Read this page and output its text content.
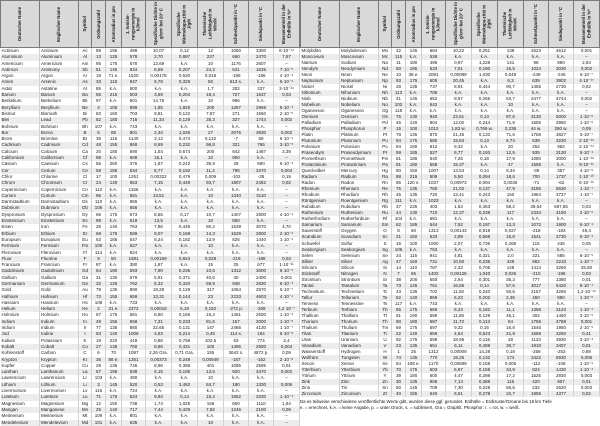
Deutscher Name	Englischer Name	Symbol	Ordnungszahl	Atomradius in pm	1. Ionisie-rungsenergie in kJ/mol	Spezifische Dichte in g/cm³ bei 20° C	Spezifische Wärmekapa-zität in J/g/K	Thermische Leitfähigkeit in W/m/K	Schmelzpunkt in °C	Siedepunkt in °C	Massenanteil in der Erdhülle in %*

Actinium	Actinium	Ac	89	195	499	10,07	0,12	12	1050	3300	6·10⁻¹⁴
Aluminium	Aluminium	Al	13	125	578	2,70	0,897	237	660	2470	7,57
Americium	Americium	Am	95	175	578	13,69	k.A.	10	1176	2607	–
Antimon	Antimony	Sb	51	145	834	6,69	0,207	24,3	631	1635	7·10⁻⁵
Argon	Argon	Ar	18	71 e.	1520	0,00178	0,520	0,018	-189	-186	4·10⁻⁴
Arsen	Arsenic	As	33	115	947	5,78	0,329	50	613 s.	k.A.	6·10⁻⁴
Astat	Astatine	At	85	k.A.	900	k.A.	k.A.	1,7	302	337	3·10⁻²⁴
Barium	Barium	Ba	56	215	503	3,59	0,204	18,4	727	1637	0,03
Berkelium	Berkelium	Bk	97	k.A.	601	14,78	k.A.	10	986	k.A.	–
Beryllium	Beryllium	Be	4	105	899	1,85	1,825	200	1287	2969	5·10⁻⁴
Bismut	Bismuth	Bi	83	160	703	9,81	0,122	7,87	271	1560	2·10⁻⁵
Blei	Lead	Pb	82	180	716	11,34	0,129	35,3	327	1744	0,002
Bohrium	Bohrium	Bh	107	k.A.	743	k.A.	k.A.	k.A.	k.A.	k.A.	–
Bor	Boron	B	5	85	801	2,34	1,026	27	2076	3930	0,002
Brom	Bromine	Br	35	115	1140	3,12	0,474	0,122	-7	59	6·10⁻⁴
Cadmium	Cadmium	Cd	48	155	868	8,69	0,232	96,8	321	765	3·10⁻⁵
Calcium	Calcium	Ca	20	180	590	1,54	0,674	200	842	1487	3,39
Californium	Californium	Cf	98	k.A.	608	15,1	k.A.	10	900	k.A.	–
Cäsium	Caesium	Cs	55	260	376	1,87	0,242	35,9	28	690	6·10⁻⁴
Cer	Cerium	Ce	58	185	534	6,77	0,192	11,4	795	3470	0,004
Chlor	Chlorine	Cl	17	100	1251	0,00322	0,479	0,009	-102	-35	0,19
Chrom	Chromium	Cr	24	140	653	7,15	0,449	93,7	1907	2482	0,02
Copernicium	Copernicium	Cn	112	k.A.	1155	k.A.	k.A.	k.A.	k.A.	k.A.	–
Curium	Curium	Cm	96	k.A.	581	13,51	k.A.	10	1340	3110	–
Darmstadtium	Darmstadtium	Ds	110	k.A.	955	k.A.	k.A.	k.A.	k.A.	k.A.	–
Dubnium	Dubnium	Db	105	k.A.	656	k.A.	k.A.	k.A.	k.A.	k.A.	–
Dysprosium	Dysprosium	Dy	66	175	573	8,55	0,17	10,7	1407	2600	4·10⁻⁴
Einsteinium	Einsteinium	Es	99	k.A.	619	13,5	k.A.	10	860	k.A.	–
Eisen	Iron	Fe	26	140	763	7,86	0,449	80,2	1539	3070	4,70
Erbium	Erbium	Er	68	175	589	9,07	0,168	14,3	1529	2900	2·10⁻⁴
Europium	Europium	Eu	63	185	547	5,24	0,182	13,9	826	1440	1·10⁻⁴
Fermium	Fermium	Fm	100	k.A.	627	k.A.	k.A.	10	k.A.	k.A.	–
Flerovium	Flerovium	Fl	114	k.A.	824	k.A.	k.A.	k.A.	k.A.	k.A.	–
Fluor	Fluorine	F	9	50	1681	0,00169	0,824	0,028	-219	-188	0,03
Francium	Francium	Fr	87	k.A.	380	1,87	k.A.	15	25	677	1·10⁻²¹
Gadolinium	Gadolinium	Gd	64	180	593	7,90	0,236	10,6	1312	3000	6·10⁻⁴
Gallium	Gallium	Ga	31	130	579	5,91	0,371	40,6	30	2400	0,001
Germanium	Germanium	Ge	32	125	762	5,32	0,320	59,9	938	2830	6·10⁻⁴
Gold	Gold	Au	79	135	890	19,28	0,129	317	1064	2970	5·10⁻⁷
Hafnium	Hafnium	Hf	72	155	659	13,31	0,144	23	2233	4603	4·10⁻⁴
Hassium	Hassium	Hs	108	k.A.	733	k.A.	k.A.	k.A.	k.A.	k.A.	–
Helium	Helium	He	2	31 e.	2372	0,00018	5,19	0,152	-272 p.	-269	4,2·10⁻⁷
Holmium	Holmium	Ho	67	175	581	8,80	0,165	16,2	1461	2600	1·10⁻⁴
Indium	Indium	In	49	155	558	7,31	0,233	81,6	157	2000	1·10⁻⁵
Iridium	Iridium	Ir	77	135	880	22,65	0,131	147	2466	4130	1·10⁻⁷
Jod	Iodine	I	53	140	1008	4,93	0,214	0,45	114 s.	184	6·10⁻⁵
Kalium	Potassium	K	19	220	419	0,86	0,758	102,5	63	774	2,4
Kobalt	Cobalt	Co	27	135	760	8,86	0,421	100	1495	2900	0,004
Kohlenstoff	Carbon	C	6	70	1087	2,26 Gra.	0,71 Gra.	155	3642 s.	4872 p.	0,09
Krypton	Krypton	Kr	36	88 e.	1351	0,00373	0,248	0,00949	-157	-152	2·10⁻⁸
Kupfer	Copper	Cu	29	135	746	8,96	0,385	401	1085	2595	0,01
Lanthan	Lanthanum	La	57	195	538	6,15	0,195	13,5	920	3470	0,002
Lawrencium	Lawrencium	Lr	103	k.A.	480	k.A.	k.A.	10	k.A.	k.A.	–
Lithium	Lithium	Li	3	145	520	0,53	3,482	84,7	180	1330	0,006
Livermorium	Livermorium	Lv	116	k.A.	724	k.A.	k.A.	k.A.	k.A.	k.A.	–
Lutetium	Lutetium	Lu	71	175	524	9,84	0,14	16,4	1652	3330	1·10⁻⁴
Magnesium	Magnesium	Mg	12	150	738	1,74	1,025	156	650	1110	1,94
Mangan	Manganese	Mn	25	140	717	7,44	0,429	7,82	1246	2100	0,09
Meitnerium	Meitnerium	Mt	109	k.A.	801	k.A.	k.A.	k.A.	k.A.	k.A.	–
Mendelevium	Mendelevium	Md	101	k.A.	635	k.A.	k.A.	10	k.A.	k.A.	–
Deutscher Name	Englischer Name	Symbol	Ordnungszahl	Atomradius in pm	1. Ionisie-rungsenergie in kJ/mol	Spezifische Dichte in g/cm³ bei 20° C	Spezifische Wärmekapa-zität in J/g/K	Thermische Leitfähigkeit in W/m/K	Schmelzpunkt in °C	Siedepunkt in °C	Massenanteil in der Erdhülle in %*

Molybdän	Molybdenum	Mo	42	145	684	10,22	0,251	138	2623	4612	0,001
Moscovium	Moscovium	Mc	115	k.A.	538	k.A.	k.A.	k.A.	k.A.	k.A.	–
Natrium	Sodium	Na	11	180	496	0,97	1,228	141	98	890	2,64
Neodym	Neodymium	Nd	60	185	533	7,01	0,190	16,5	1024	3030	0,002
Neon	Neon	Ne	10	38 e.	2081	0,00089	1,030	0,049	-249	-246	5·10⁻⁷
Neptunium	Neptunium	Np	93	175	605	20,45	k.A.	6,3	639	3902	4·10⁻¹⁷
Nickel	Nickel	Ni	28	135	737	8,91	0,444	90,7	1455	2730	0,02
Nihonium	Nihonium	Nh	113	k.A.	705	k.A.	k.A.	k.A.	k.A.	k.A.	–
Niob	Niobium	Nb	41	145	652	8,57	0,265	53,7	2477	4744	0,002
Nobelium	Nobelium	No	102	k.A.	642	k.A.	k.A.	10	k.A.	k.A.	–
Oganesson	Oganesson	Og	118	k.A.	k.A.	k.A.	k.A.	k.A.	k.A.	k.A.	–
Osmium	Osmium	Os	76	130	840	22,61	0,13	87,6	3130	5000	1·10⁻⁶
Palladium	Palladium	Pd	46	140	804	12,02	0,244	71,8	1555	2960	1·10⁻⁶
Phosphor	Phosphorus	P	15	100	1012	1,83 w.	0,769 w.	0,236	44 w.	280 w.	0,09
Platin	Platinum	Pt	78	135	870	21,46	0,133	71,6	1768	3827	5·10⁻⁷
Plutonium	Plutonium	Pu	94	175	585	19,84	0,13	6,74	639	3230	2·10⁻¹⁹
Polonium	Polonium	Po	84	190	812	9,32	k.A.	20	254	962	2·10⁻¹⁴
Praseodym	Praseodymium	Pr	59	185	527	6,77	0,193	12,5	935	3130	5·10⁻⁴
Promethium	Promethium	Pm	61	185	540	7,26	0,18	17,9	1080	3000	1·10⁻¹⁸
Protactinium	Protactinium	Pa	91	180	568	15,37	k.A.	47	1568	k.A.	9·10⁻¹¹
Quecksilber	Mercury	Hg	80	150	1007	13,53	0,14	8,34	-39	357	4·10⁻⁵
Radium	Radium	Ra	88	215	509	5,50	0,094	18,6	700	1737	1·10⁻¹⁰
Radon	Radon	Rn	86	120 e.	1037	0,00973	0,094	0,0036	-71	-62	6·10⁻¹⁶
Rhenium	Rhenium	Re	75	135	760	21,02	0,137	47,9	3186	5630	1·10⁻⁷
Rhodium	Rhodium	Rh	45	135	720	12,41	0,243	150	1964	3727	1·10⁻⁷
Röntgenium	Roentgenium	Rg	111	k.A.	1023	k.A.	k.A.	k.A.	k.A.	k.A.	–
Rubidium	Rubidium	Rb	37	235	403	1,53	0,363	58,2	39,64	687,85	0,03
Ruthenium	Ruthenium	Ru	44	130	710	12,37	0,238	117	2334	4150	2·10⁻⁶
Rutherfordium	Rutherfordium	Rf	104	k.A.	581	k.A.	k.A.	k.A.	k.A.	k.A.	–
Samarium	Samarium	Sm	62	185	544	7,52	0,197	13,3	1072	1900	6·10⁻⁴
Sauerstoff	Oxygen	O	8	60	1313	0,00143	0,918	0,027	-218	-183	49,4
Scandium	Scandium	Sc	21	160	633	2,99	0,568	15,8	1541	2730	5·10⁻⁴
Schwefel	Sulfur	S	16	100	1000	2,07	0,736	0,269	115	445	0,05
Seaborgium	Seaborgium	Sg	106	k.A.	753	k.A.	k.A.	k.A.	k.A.	k.A.	–
Selen	Selenium	Se	34	115	941	4,81	0,321	2,0	221	685	8·10⁻⁵
Silber	Silver	Ag	47	160	731	10,50	0,235	429	962	2210	1·10⁻⁵
Silicium	Silicon	Si	14	110	787	2,33	0,705	148	1414	3260	25,80
Stickstoff	Nitrogen	N	7	65	1402	0,00125	1,040	0,026	-210	-196	0,03
Strontium	Strontium	Sr	38	200	550	2,64	0,301	35,3	777	1380	0,01
Tantal	Tantalum	Ta	73	145	761	16,65	0,14	57,5	3017	5420	8·10⁻⁴
Technetium	Technetium	Tc	43	135	702	11,50	0,240	50,6	2157	4265	1,2·10⁻¹⁹
Tellur	Tellurium	Te	52	140	869	6,23	0,202	2,35	450	990	1·10⁻⁶
Tenness	Tennessine	Ts	117	k.A.	743	k.A.	k.A.	k.A.	k.A.	k.A.	–
Terbium	Terbium	Tb	65	175	566	8,23	0,182	11,1	1356	3123	1·10⁻⁴
Thallium	Thallium	Tl	81	190	589	11,85	0,129	46,1	304	1460	3·10⁻⁵
Thorium	Thorium	Th	90	180	587	11,72	0,113	54	1755	4788	0,001
Thulium	Thulium	Tm	69	175	597	9,32	0,16	16,8	1545	1950	2·10⁻⁵
Titan	Titanium	Ti	22	140	659	4,54	0,523	21,9	1668	3260	0,41
Uran	Uranium	U	92	175	598	18,95	0,116	28	1133	3930	3·10⁻⁴
Vanadium	Vanadium	V	23	135	651	6,11	0,489	30,7	1910	3407	0,01
Wasserstoff	Hydrogen	H	1	25	1312	0,00009	14,28	0,18	-259	-253	0,88
Wolfram	Tungsten	W	74	135	770	19,25	0,132	174	3422	5930	0,006
Xenon	Xenon	Xe	54	108 e.	1170	0,00589	0,158	0,006	-112	-108	1·10⁻⁹
Ytterbium	Ytterbium	Yb	70	175	603	6,97	0,155	34,9	824	1430	1·10⁻⁴
Yttrium	Yttrium	Y	39	180	600	4,47	0,298	17,2	1526	2930	0,003
Zink	Zinc	Zn	30	135	906	7,14	0,388	116	420	907	0,01
Zinn	Tin	Sn	50	145	709	7,30	0,228	66,6	232	2620	0,003
Zirconium	Zirconium	Zr	40	155	640	6,51	0,278	22,7	1855	4377	0,02
Da es teilweise verschiedene veröffentlichte Werte gibt, wurden diese ggf. gerundet. Erdhülle = Erdkruste/Ozeane bis 16 km Tiefe
e. = errechnet, k.A. = keine Angabe, p. = unter Druck, s. = sublimiert, Gra = Graphit, Phosphor: r. = rot, w. = weiß.
